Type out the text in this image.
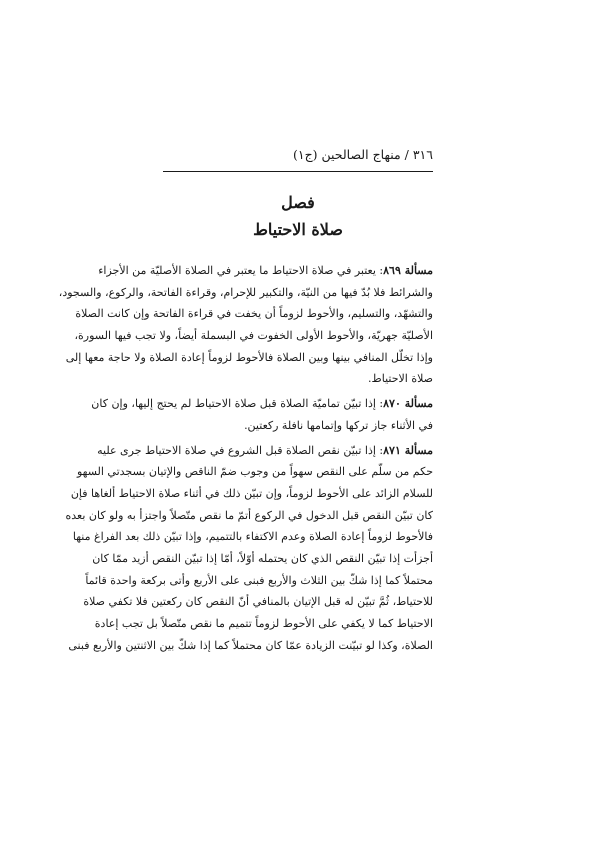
٣١٦ / منهاج الصالحين (ج١)
فصل
صلاة الاحتياط
مسألة ٨٦٩: يعتبر في صلاة الاحتياط ما يعتبر في الصلاة الأصليّة من الأجزاء
والشرائط فلا بُدّ فيها من النيّة، والتكبير للإحرام، وقراءة الفاتحة، والركوع، والسجود،
والتشهّد، والتسليم، والأحوط لزوماً أن يخفت في قراءة الفاتحة وإن كانت الصلاة
الأصليّة جهريّة، والأحوط الأولى الخفوت في البسملة أيضاً، ولا تجب فيها السورة،
وإذا تخلّل المنافي بينها وبين الصلاة فالأحوط لزوماً إعادة الصلاة ولا حاجة معها إلى
صلاة الاحتياط.
مسألة ٨٧٠: إذا تبيّن تماميّة الصلاة قبل صلاة الاحتياط لم يحتج إليها، وإن كان
في الأثناء جاز تركها وإتمامها نافلة ركعتين.
مسألة ٨٧١: إذا تبيّن نقص الصلاة قبل الشروع في صلاة الاحتياط جرى عليه
حكم من سلّم على النقص سهواً من وجوب ضمّ الناقص والإتيان بسجدتي السهو
للسلام الزائد على الأحوط لزوماً، وإن تبيّن ذلك في أثناء صلاة الاحتياط ألغاها فإن
كان تبيّن النقص قبل الدخول في الركوع أتمّ ما نقص متّصلاً واجتزأ به ولو كان بعده
فالأحوط لزوماً إعادة الصلاة وعدم الاكتفاء بالتتميم، وإذا تبيّن ذلك بعد الفراغ منها
أجزأت إذا تبيّن النقص الذي كان يحتمله أوّلاً، أمّا إذا تبيّن النقص أزيد ممّا كان
محتملاً كما إذا شكّ بين الثلاث والأربع فبنى على الأربع وأتى بركعة واحدة قائماً
للاحتياط، ثُمَّ تبيّن له قبل الإتيان بالمنافي أنّ النقص كان ركعتين فلا تكفي صلاة
الاحتياط كما لا يكفي على الأحوط لزوماً تتميم ما نقص متّصلاً بل تجب إعادة
الصلاة، وكذا لو تبيّنت الزيادة عمّا كان محتملاً كما إذا شكّ بين الاثنتين والأربع فبنى
